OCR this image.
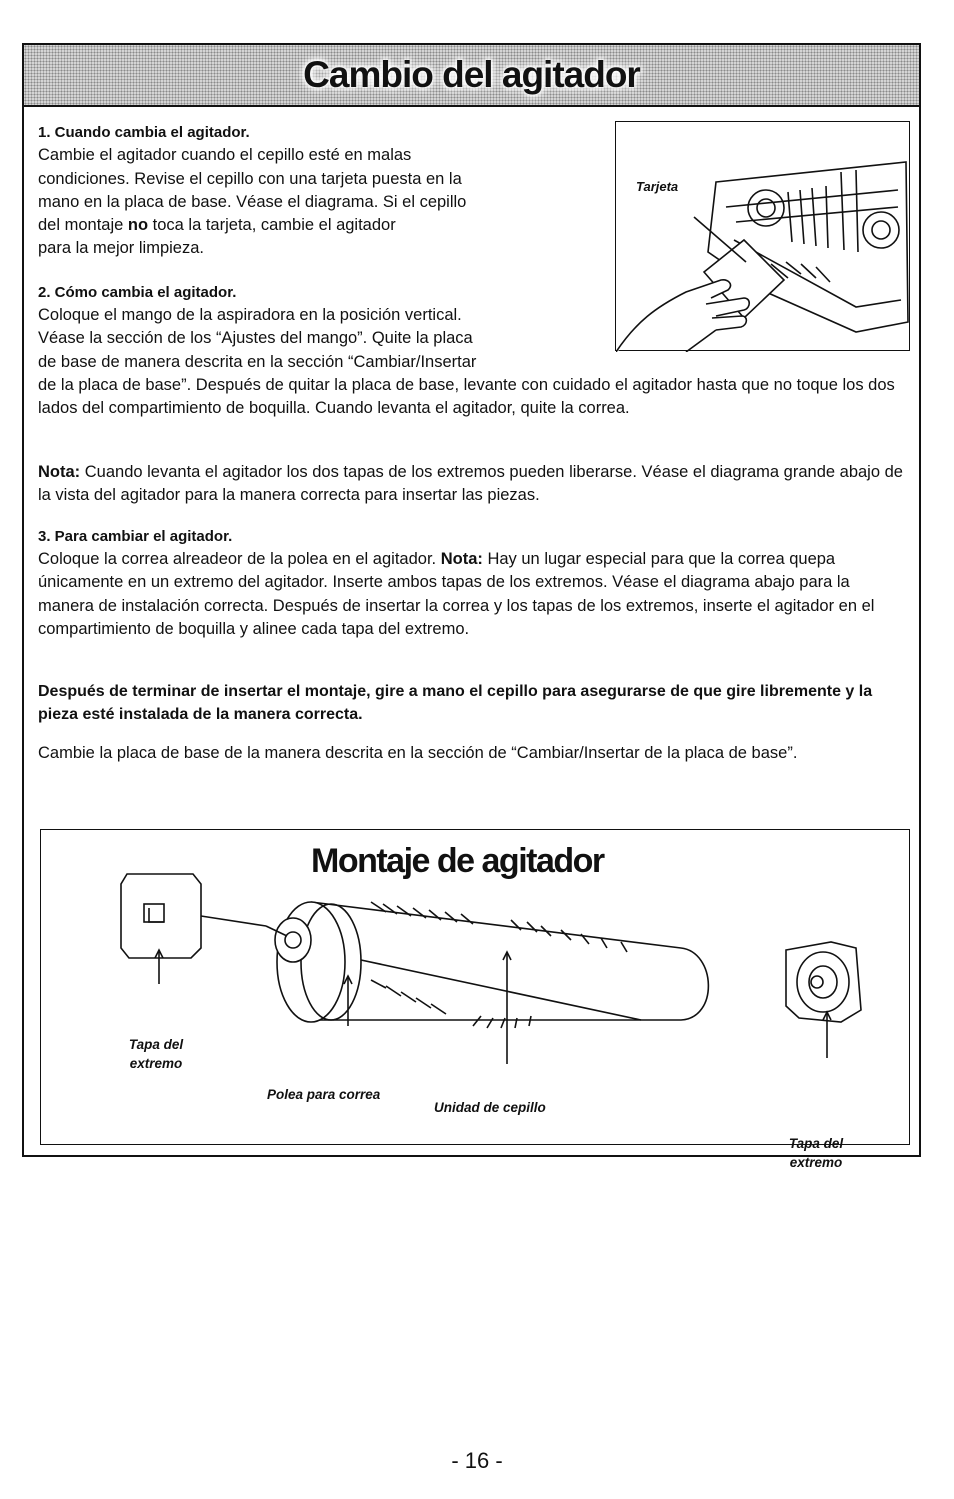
Cambio del agitador

1. Cuando cambia el agitador.

Cambie el agitador cuando el cepillo esté en malas

condiciones. Revise el cepillo con una tarjeta puesta en la

mano en la placa de base. Véase el diagrama. Si el cepillo

del montaje no toca la tarjeta, cambie el agitador

para la mejor limpieza.

Tarjeta

2. Cómo cambia el agitador.

Coloque el mango de la aspiradora en la posición vertical.

Véase la sección de los “Ajustes del mango”. Quite la placa

de base de manera descrita en la sección “Cambiar/Insertar

de la placa de base”. Después de quitar la placa de base, levante con cuidado el agitador hasta que no toque los dos lados del compartimiento de boquilla. Cuando levanta el agitador, quite la correa.

Nota: Cuando levanta el agitador los dos tapas de los extremos pueden liberarse. Véase el diagrama grande abajo de la vista del agitador para la manera correcta para insertar las piezas.

3. Para cambiar el agitador.

Coloque la correa alreadeor de la polea en el agitador. Nota: Hay un lugar especial para que la correa quepa únicamente en un extremo del agitador. Inserte ambos tapas de los extremos. Véase el diagrama abajo para la manera de instalación correcta. Después de insertar la correa y los tapas de los extremos, inserte el agitador en el compartimiento de boquilla y alinee cada tapa del extremo.

Después de terminar de insertar el montaje, gire a mano el cepillo para asegurarse de que gire libremente y la pieza esté instalada de la manera correcta.

Cambie la placa de base de la manera descrita en la sección de “Cambiar/Insertar de la placa de base”.

Montaje de agitador
Tapa del extremo
Polea para correa
Unidad de cepillo
Tapa del extremo
- 16 -
